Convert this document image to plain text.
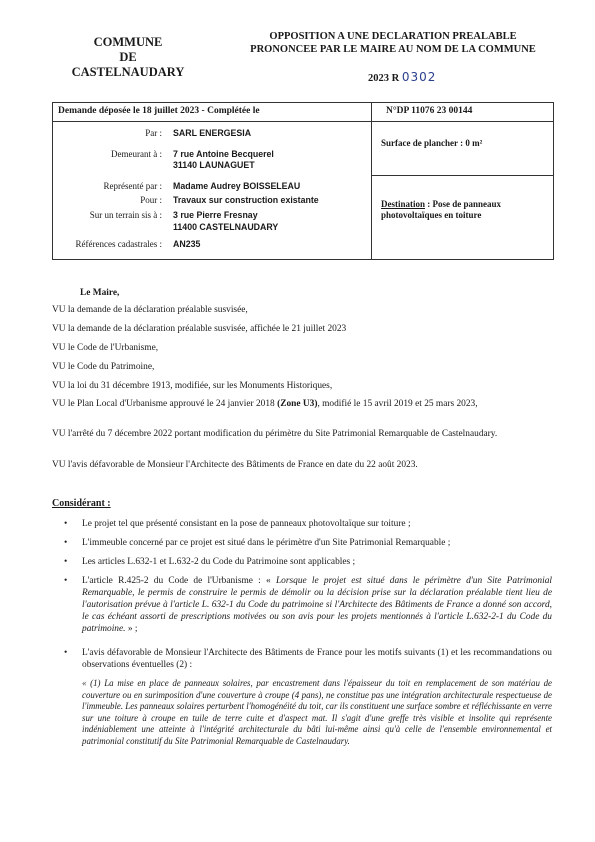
COMMUNE
DE
CASTELNAUDARY
OPPOSITION A UNE DECLARATION PREALABLE
PRONONCEE PAR LE MAIRE AU NOM DE LA COMMUNE
2023 R 0302
Demande déposée le 18 juillet 2023 - Complétée le	N°DP 11076 23 00144
Par : SARL ENERGESIA
Demeurant à : 7 rue Antoine Becquerel
31140 LAUNAGUET
Représenté par : Madame Audrey BOISSELEAU
Pour : Travaux sur construction existante
Sur un terrain sis à : 3 rue Pierre Fresnay
11400 CASTELNAUDARY
Références cadastrales : AN235
Surface de plancher : 0 m²
Destination : Pose de panneaux photovoltaïques en toiture
Le Maire,
VU la demande de la déclaration préalable susvisée,
VU la demande de la déclaration préalable susvisée, affichée le 21 juillet 2023
VU le Code de l'Urbanisme,
VU le Code du Patrimoine,
VU la loi du 31 décembre 1913, modifiée, sur les Monuments Historiques,
VU le Plan Local d'Urbanisme approuvé le 24 janvier 2018 (Zone U3), modifié le 15 avril 2019 et 25 mars 2023,
VU l'arrêté du 7 décembre 2022 portant modification du périmètre du Site Patrimonial Remarquable de Castelnaudary.
VU l'avis défavorable de Monsieur l'Architecte des Bâtiments de France en date du 22 août 2023.
Considérant :
• Le projet tel que présenté consistant en la pose de panneaux photovoltaïque sur toiture ;
• L'immeuble concerné par ce projet est situé dans le périmètre d'un Site Patrimonial Remarquable ;
• Les articles L.632-1 et L.632-2 du Code du Patrimoine sont applicables ;
• L'article R.425-2 du Code de l'Urbanisme : « Lorsque le projet est situé dans le périmètre d'un Site Patrimonial Remarquable, le permis de construire le permis de démolir ou la décision prise sur la déclaration préalable tient lieu de l'autorisation prévue à l'article L. 632-1 du Code du patrimoine si l'Architecte des Bâtiments de France a donné son accord, le cas échéant assorti de prescriptions motivées ou son avis pour les projets mentionnés à l'article L.632-2-1 du Code du patrimoine. » ;
• L'avis défavorable de Monsieur l'Architecte des Bâtiments de France pour les motifs suivants (1) et les recommandations ou observations éventuelles (2) :
« (1) La mise en place de panneaux solaires, par encastrement dans l'épaisseur du toit en remplacement de son matériau de couverture ou en surimposition d'une couverture à croupe (4 pans), ne constitue pas une intégration architecturale respectueuse de l'immeuble. Les panneaux solaires perturbent l'homogénéité du toit, car ils constituent une surface sombre et réfléchissante en verre sur une toiture à croupe en tuile de terre cuite et d'aspect mat. Il s'agit d'une greffe très visible et insolite qui représente indéniablement une atteinte à l'intégrité architecturale du bâti lui-même ainsi qu'à celle de l'ensemble environnemental et patrimonial constitutif du Site Patrimonial Remarquable de Castelnaudary.
